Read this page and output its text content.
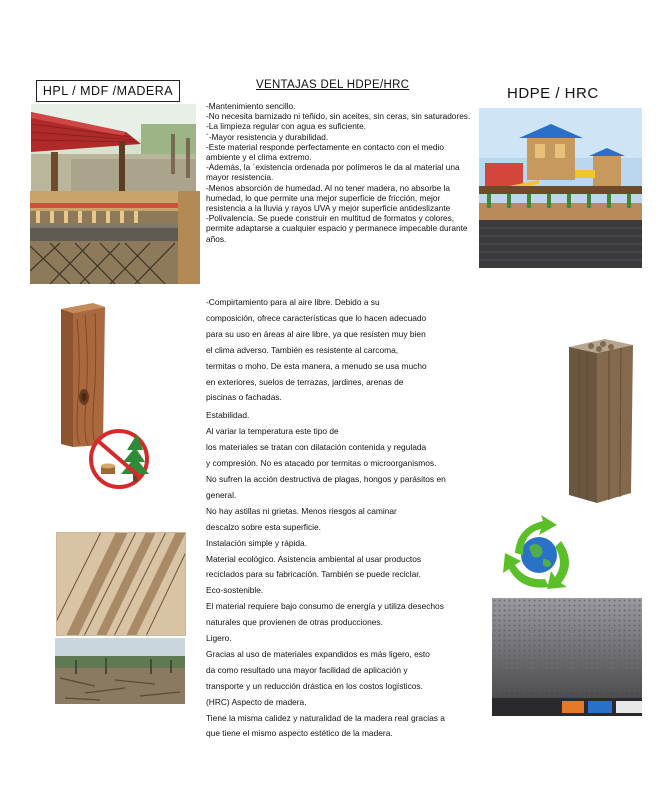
HPL / MDF /MADERA	VENTAJAS DEL HDPE/HRC	HDPE / HRC

-Mantenimiento sencillo.

-No necesita barnizado ni teñido, sin aceites, sin ceras, sin saturadores.

-La limpieza regular con agua es suficiente.

´-Mayor resistencia y durabilidad.

-Este material responde perfectamente en contacto con el medio ambiente y el clima extremo.

-Además, la ´existencia ordenada por polímeros le da al material una mayor resistencia.

-Menos absorción de humedad. Al no tener madera, no absorbe la humedad, lo que permite una mejor superficie de fricción, mejor resistencia a la lluvia y rayos UVA y mejor superficie antideslizante

-Polivalencia. Se puede construir en multitud de formatos y colores, permite adaptarse a cualquier espacio y permanece impecable durante años.

-Compirtamiento para al aire libre. Debido a su

composición, ofrece características que lo hacen adecuado

para su uso en áreas al aire libre, ya que resisten muy bien

el clima adverso. También es resistente al carcoma,

termitas o moho. De esta manera, a menudo se usa mucho

en exteriores, suelos de terrazas, jardines, arenas de

piscinas o fachadas.

Estabilidad.

Al variar la temperatura este tipo de

los materiales se tratan con dilatación contenida y regulada

y compresión. No es atacado por termitas o microorganismos.

No sufren la acción destructiva de plagas, hongos y parásitos en

general.

No hay astillas ni grietas. Menos riesgos al caminar

descalzo sobre esta superficie.

Instalación simple y rápida.

Material ecológico. Asistencia ambiental al usar productos

reciclados para su fabricación. También se puede reciclar.

Eco-sostenible.

El material requiere bajo consumo de energía y utiliza desechos

naturales que provienen de otras producciones.

Ligero.

Gracias al uso de materiales expandidos es más ligero, esto

da como resultado una mayor facilidad de aplicación y

transporte y un reducción drástica en los costos logísticos.

(HRC) Aspecto de madera.

Tiene la misma calidez y naturalidad de la madera real gracias a

que tiene el mismo aspecto estético de la madera.
